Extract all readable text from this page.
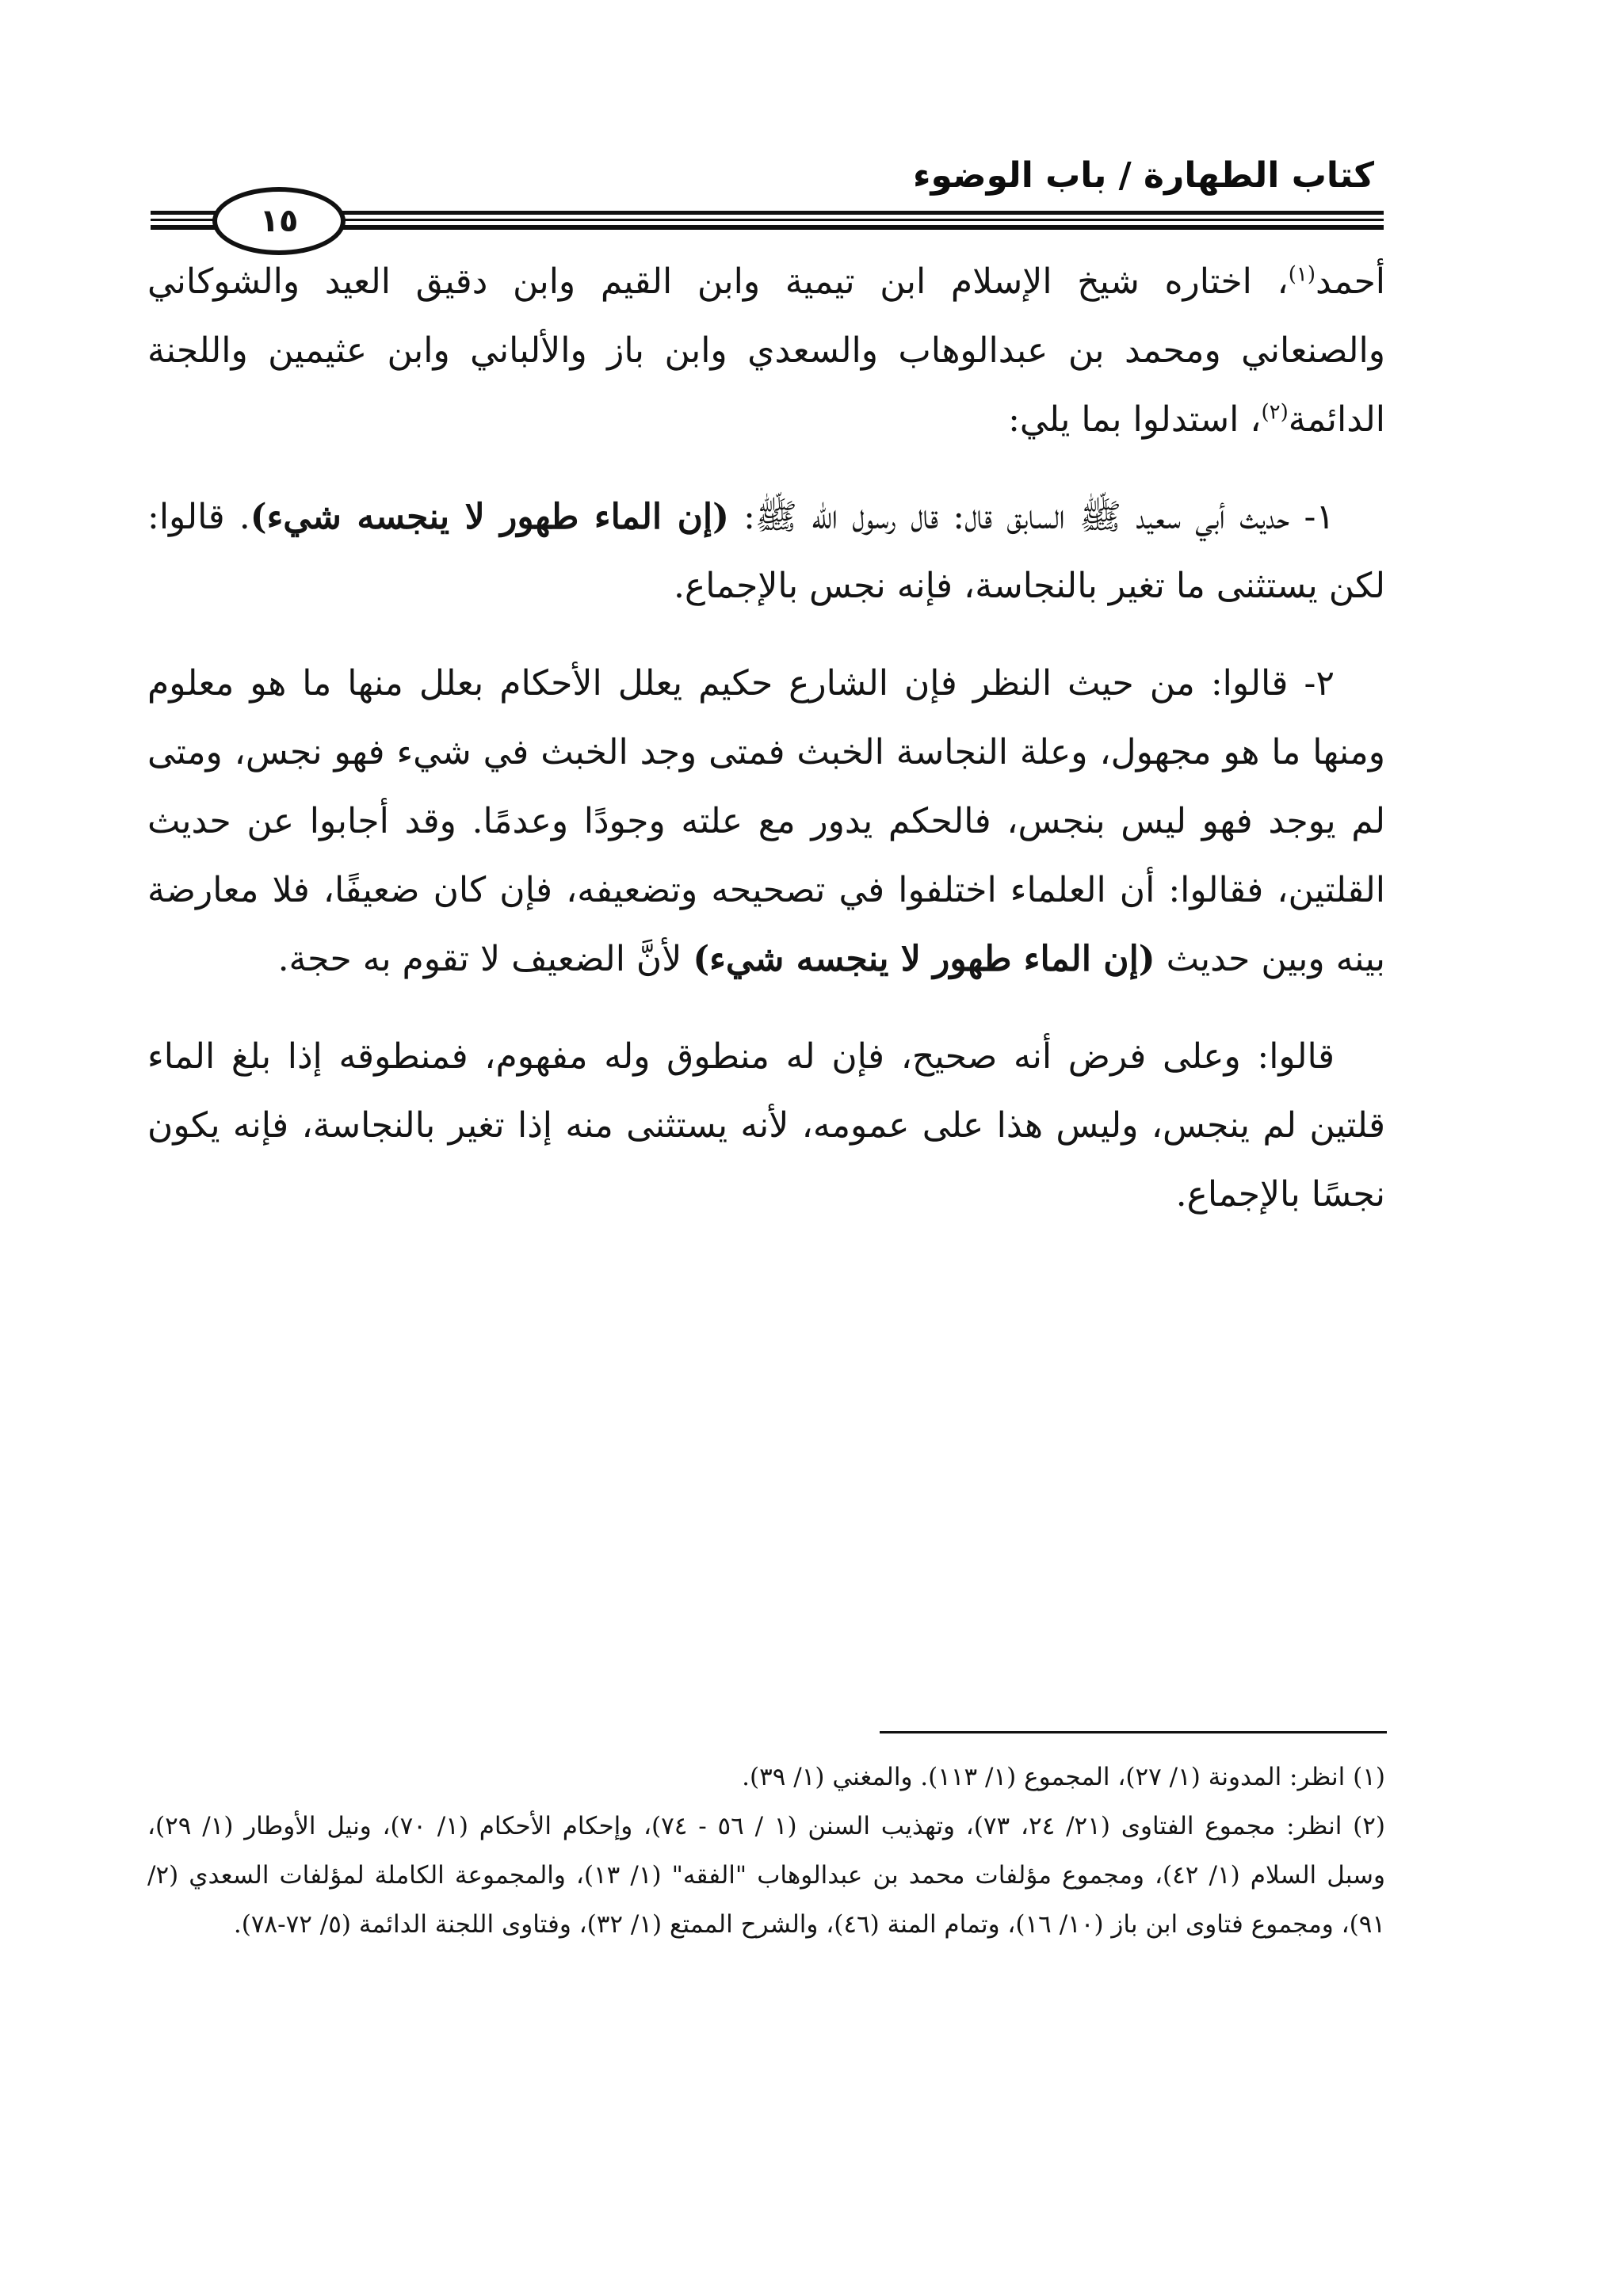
كتاب الطهارة / باب الوضوء
١٥

أحمد$^{(١)}$، اختاره شيخ الإسلام ابن تيمية وابن القيم وابن دقيق العيد والشوكاني والصنعاني ومحمد بن عبدالوهاب والسعدي وابن باز والألباني وابن عثيمين واللجنة الدائمة$^{(٢)}$، استدلوا بما يلي:

١- حديث أبي سعيد ﷺ السابق قال: قال رسول الله ﷺ: (إن الماء طهور لا ينجسه شيء). قالوا: لكن يستثنى ما تغير بالنجاسة، فإنه نجس بالإجماع.

٢- قالوا: من حيث النظر فإن الشارع حكيم يعلل الأحكام بعلل منها ما هو معلوم ومنها ما هو مجهول، وعلة النجاسة الخبث فمتى وجد الخبث في شيء فهو نجس، ومتى لم يوجد فهو ليس بنجس، فالحكم يدور مع علته وجودًا وعدمًا. وقد أجابوا عن حديث القلتين، فقالوا: أن العلماء اختلفوا في تصحيحه وتضعيفه، فإن كان ضعيفًا، فلا معارضة بينه وبين حديث (إن الماء طهور لا ينجسه شيء) لأنَّ الضعيف لا تقوم به حجة.

قالوا: وعلى فرض أنه صحيح، فإن له منطوق وله مفهوم، فمنطوقه إذا بلغ الماء قلتين لم ينجس، وليس هذا على عمومه، لأنه يستثنى منه إذا تغير بالنجاسة، فإنه يكون نجسًا بالإجماع.

(١) انظر: المدونة (١/ ٢٧)، المجموع (١/ ١١٣). والمغني (١/ ٣٩).

(٢) انظر: مجموع الفتاوى (٢١/ ٢٤، ٧٣)، وتهذيب السنن (١ / ٥٦ - ٧٤)، وإحكام الأحكام (١/ ٧٠)، ونيل الأوطار (١/ ٢٩)، وسبل السلام (١/ ٤٢)، ومجموع مؤلفات محمد بن عبدالوهاب "الفقه" (١/ ١٣)، والمجموعة الكاملة لمؤلفات السعدي (٢/ ٩١)، ومجموع فتاوى ابن باز (١٠/ ١٦)، وتمام المنة (٤٦)، والشرح الممتع (١/ ٣٢)، وفتاوى اللجنة الدائمة (٥/ ٧٢-٧٨).
